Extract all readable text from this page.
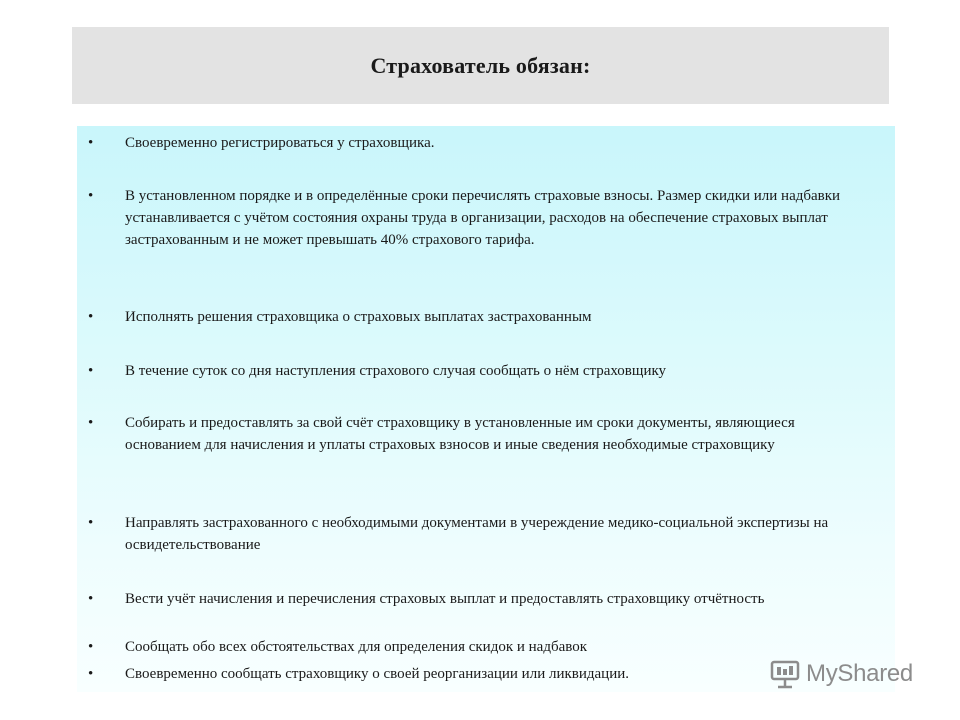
Страхователь обязан:
•	Своевременно регистрироваться у страховщика.
•	В установленном порядке и в определённые сроки перечислять страховые взносы. Размер скидки или надбавки устанавливается с учётом состояния охраны труда в организации, расходов на обеспечение страховых выплат застрахованным и не может превышать 40% страхового тарифа.
•	Исполнять решения страховщика о страховых выплатах застрахованным
•	В течение суток со дня наступления страхового случая сообщать о нём страховщику
•	Собирать и предоставлять за свой счёт страховщику в установленные им сроки документы, являющиеся основанием для начисления и уплаты страховых взносов и иные сведения необходимые страховщику
•	Направлять застрахованного с необходимыми документами в учереждение медико-социальной экспертизы на освидетельствование
•	Вести учёт начисления и перечисления страховых выплат и предоставлять страховщику отчётность
•	Сообщать обо всех обстоятельствах для определения скидок и надбавок
•	Своевременно сообщать страховщику о своей реорганизации или ликвидации.	MyShared
